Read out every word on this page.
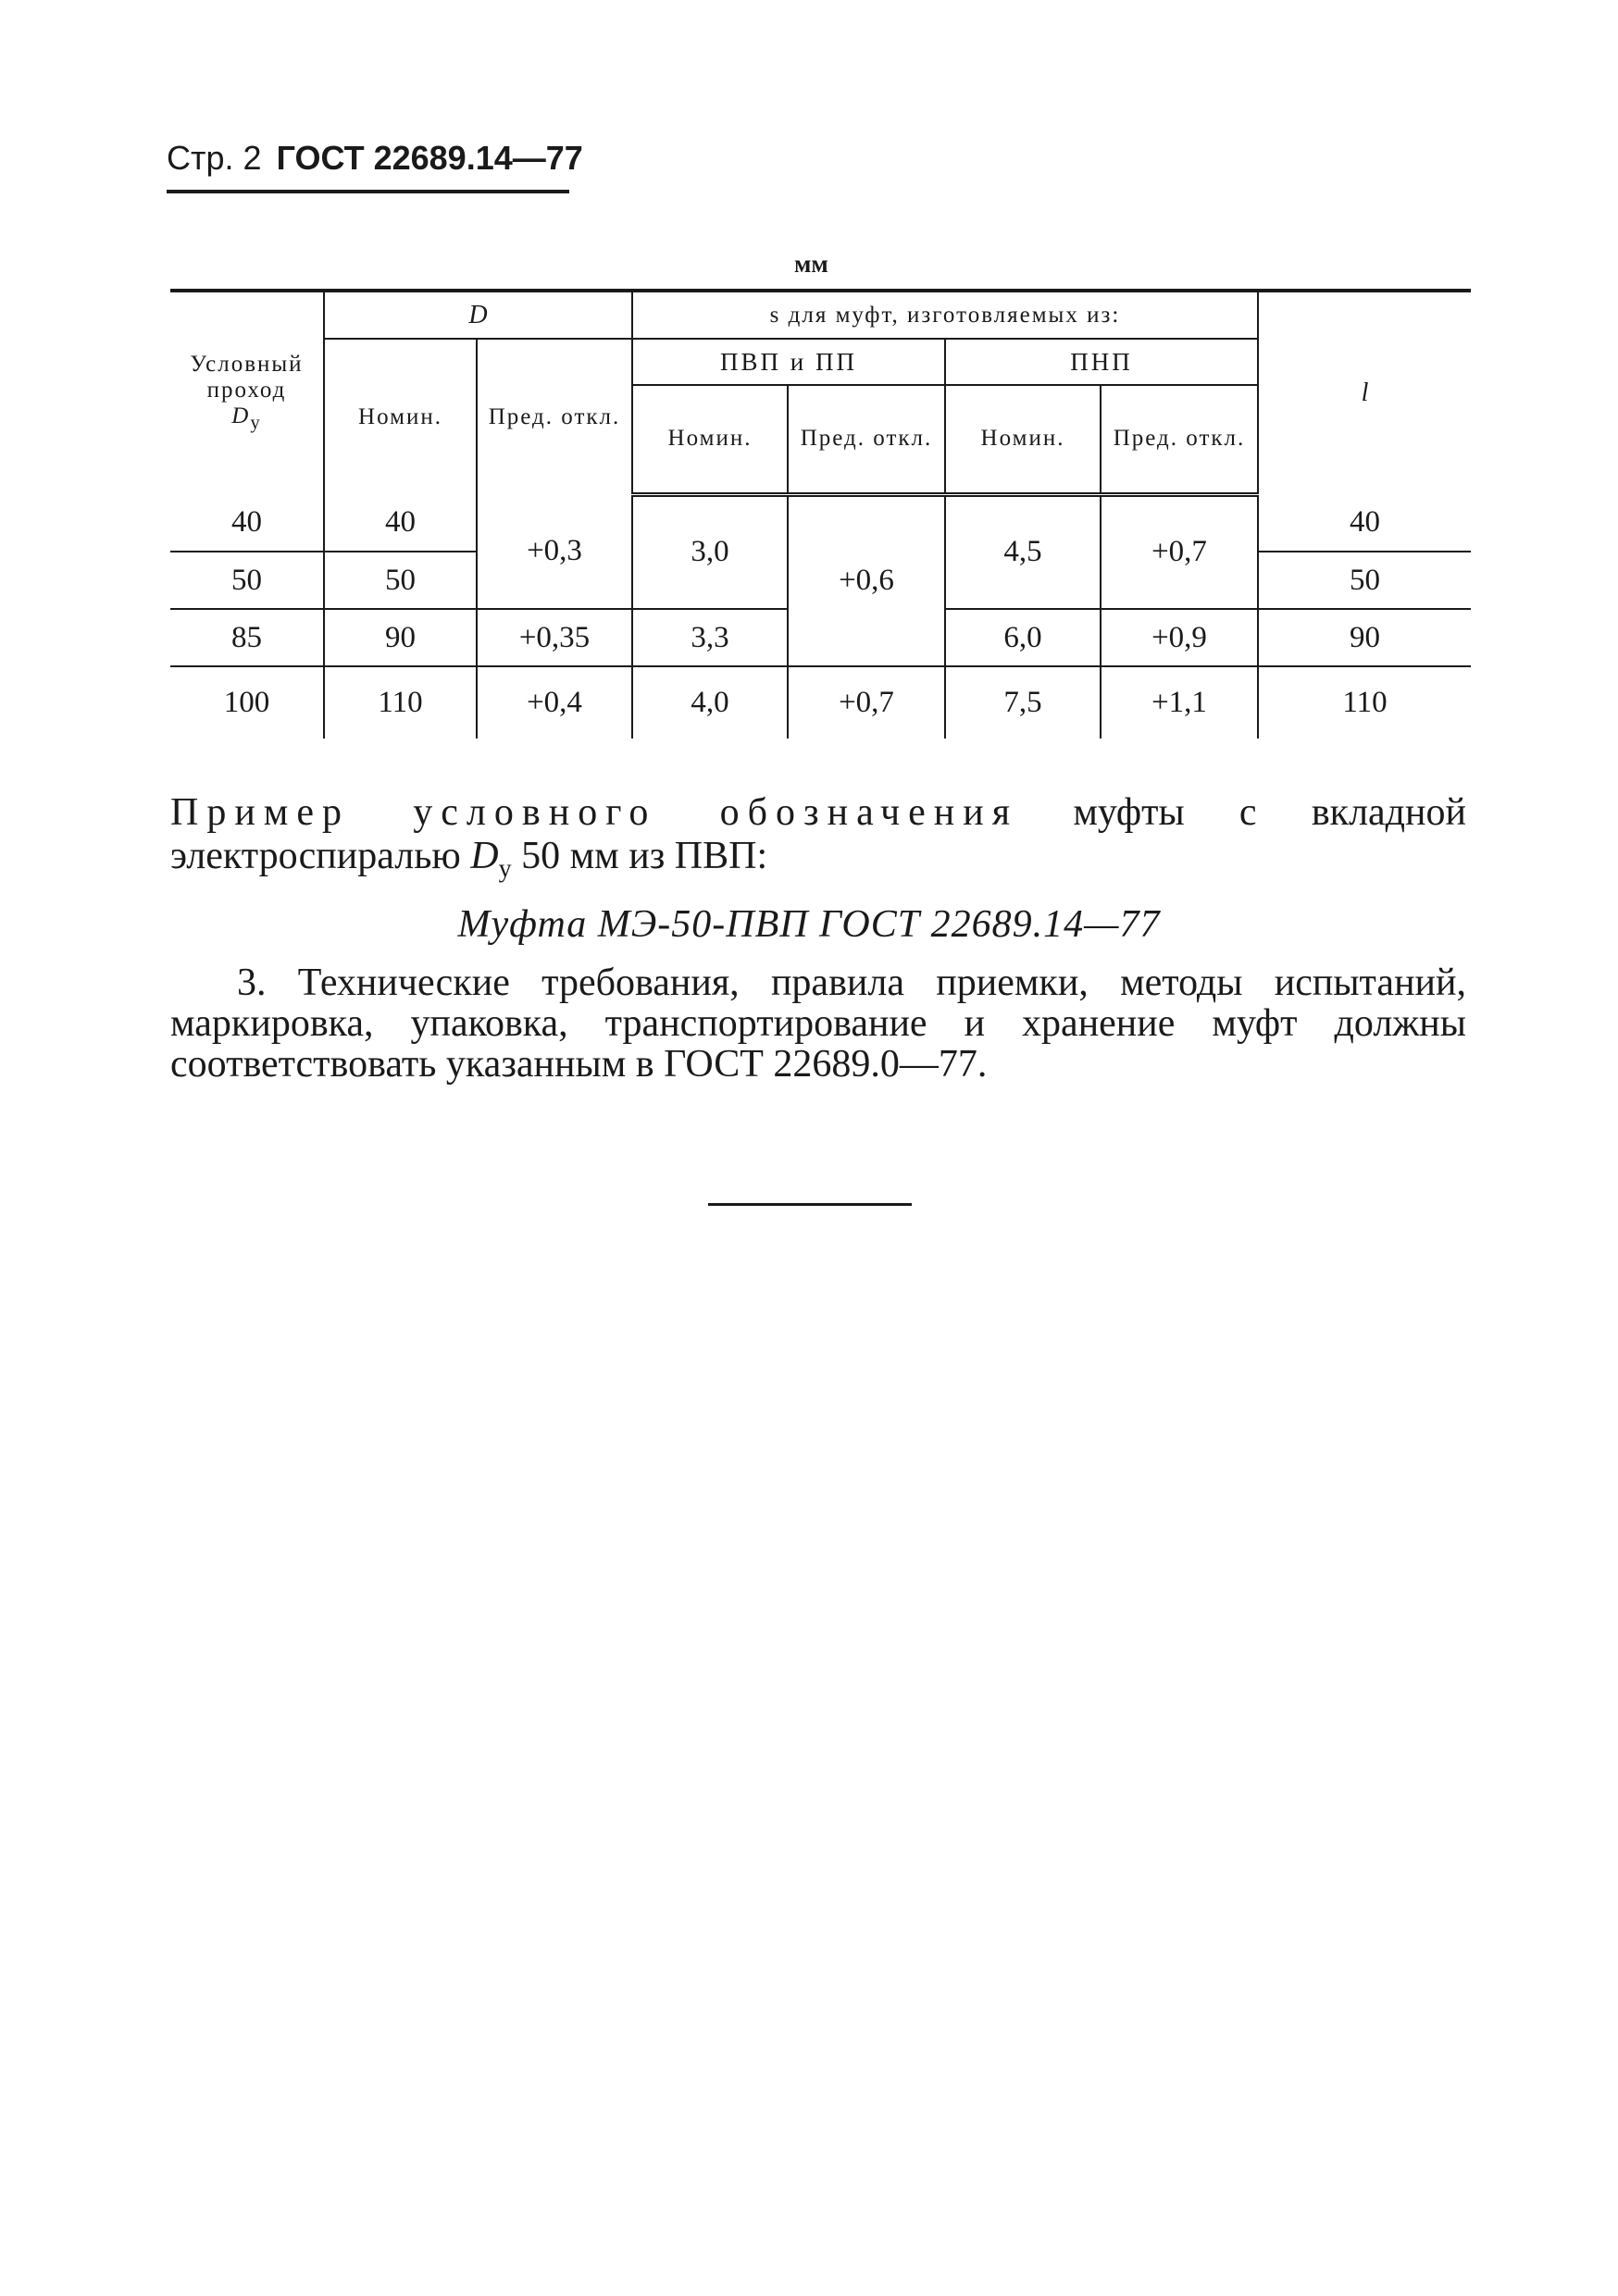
Стр. 2 ГОСТ 22689.14—77
мм
Условный проход
$D_у$	D		s для муфт, изготовляемых из:				l
	Номин.	Пред. откл.	ПВП и ПП		ПНП		
			Номин.	Пред. откл.	Номин.	Пред. откл.	
40	40	+0,3	3,0	+0,6	4,5	+0,7	40
50	50						50
85	90	+0,35	3,3		6,0	+0,9	90
100	110	+0,4	4,0	+0,7	7,5	+1,1	110
Пример условного обозначения муфты с вкладной электроспиралью $D_у$ 50 мм из ПВП:
Муфта МЭ-50-ПВП ГОСТ 22689.14—77
3. Технические требования, правила приемки, методы испытаний, маркировка, упаковка, транспортирование и хранение муфт должны соответствовать указанным в ГОСТ 22689.0—77.
